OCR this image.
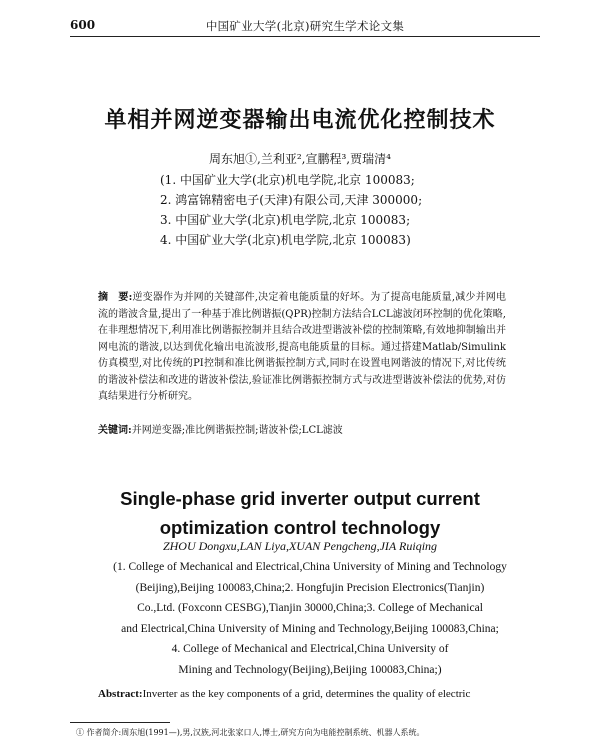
600	中国矿业大学(北京)研究生学术论文集
单相并网逆变器输出电流优化控制技术
周东旭①,兰利亚²,宣鹏程³,贾瑞清⁴
(1. 中国矿业大学(北京)机电学院,北京 100083;
2. 鸿富锦精密电子(天津)有限公司,天津 300000;
3. 中国矿业大学(北京)机电学院,北京 100083;
4. 中国矿业大学(北京)机电学院,北京 100083)
摘　要:逆变器作为并网的关键部件,决定着电能质量的好坏。为了提高电能质量,减少并网电流的谐波含量,提出了一种基于准比例谐振(QPR)控制方法结合LCL滤波闭环控制的优化策略,在非理想情况下,利用准比例谐振控制并且结合改进型谐波补偿的控制策略,有效地抑制输出并网电流的谐波,以达到优化输出电流波形,提高电能质量的目标。通过搭建Matlab/Simulink仿真模型,对比传统的PI控制和准比例谐振控制方式,同时在设置电网谐波的情况下,对比传统的谐波补偿法和改进的谐波补偿法,验证准比例谐振控制方式与改进型谐波补偿法的优势,对仿真结果进行分析研究。
关键词:并网逆变器;准比例谐振控制;谐波补偿;LCL滤波
Single-phase grid inverter output current
optimization control technology
ZHOU Dongxu,LAN Liya,XUAN Pengcheng,JIA Ruiqing
(1. College of Mechanical and Electrical,China University of Mining and Technology
(Beijing),Beijing 100083,China;2. Hongfujin Precision Electronics(Tianjin)
Co.,Ltd. (Foxconn CESBG),Tianjin 30000,China;3. College of Mechanical
and Electrical,China University of Mining and Technology,Beijing 100083,China;
4. College of Mechanical and Electrical,China University of
Mining and Technology(Beijing),Beijing 100083,China;)
Abstract:Inverter as the key components of a grid, determines the quality of electric
① 作者简介:周东旭(1991—),男,汉族,河北张家口人,博士,研究方向为电能控制系统、机器人系统。
